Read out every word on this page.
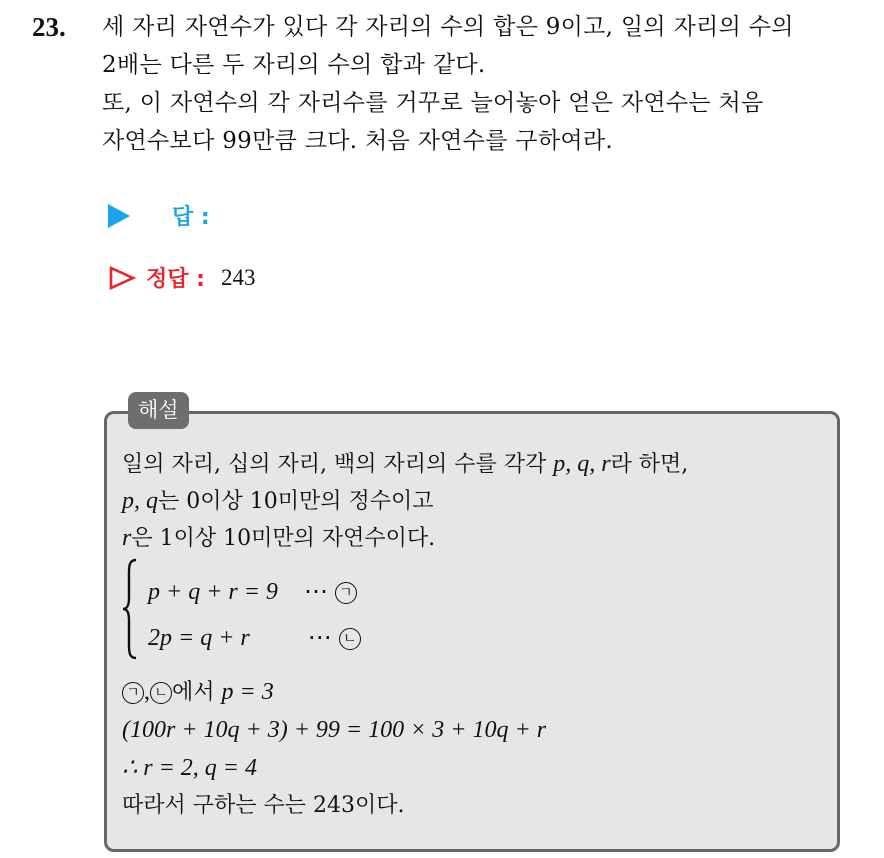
23. 세 자리 자연수가 있다 각 자리의 수의 합은 9이고, 일의 자리의 수의
2배는 다른 두 자리의 수의 합과 같다.
또, 이 자연수의 각 자리수를 거꾸로 늘어놓아 얻은 자연수는 처음
자연수보다 99만큼 크다. 처음 자연수를 구하여라.
답 :
정답 : 243
해설
일의 자리, 십의 자리, 백의 자리의 수를 각각 p, q, r라 하면,
p, q는 0이상 10미만의 정수이고
r은 1이상 10미만의 자연수이다.
p + q + r = 9 ⋯ ㄱ
2p = q + r ⋯ ㄴ
ㄱ , ㄴ 에서 p = 3
(100r + 10q + 3) + 99 = 100 × 3 + 10q + r
∴ r = 2, q = 4
따라서 구하는 수는 243이다.
